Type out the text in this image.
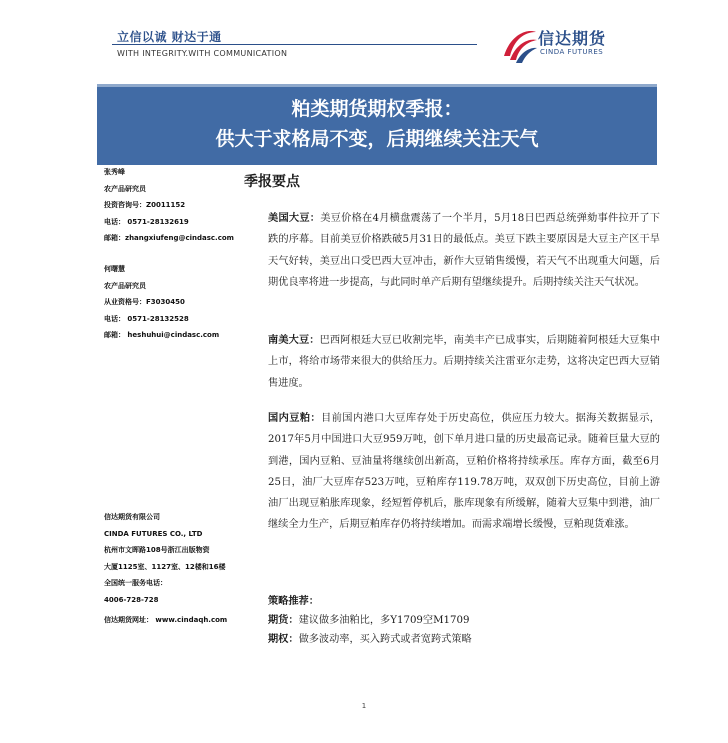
立信以诚 财达于通
WITH INTEGRITY.WITH COMMUNICATION
信达期货
CINDA FUTURES
粕类期货期权季报：
供大于求格局不变，后期继续关注天气
张秀峰
农产品研究员
投资咨询号：Z0011152
电话： 0571-28132619
邮箱：zhangxiufeng@cindasc.com
何曙慧
农产品研究员
从业资格号：F3030450
电话： 0571-28132528
邮箱： heshuhui@cindasc.com
信达期货有限公司
CINDA FUTURES CO., LTD
杭州市文晖路108号浙江出版物资
大厦1125室、1127室、12楼和16楼
全国统一服务电话：
4006-728-728
信达期货网址： www.cindaqh.com
季报要点
美国大豆：美豆价格在4月横盘震荡了一个半月，5月18日巴西总统弹劾事件拉开了下跌的序幕。目前美豆价格跌破5月31日的最低点。美豆下跌主要原因是大豆主产区干旱天气好转，美豆出口受巴西大豆冲击，新作大豆销售缓慢，若天气不出现重大问题，后期优良率将进一步提高，与此同时单产后期有望继续提升。后期持续关注天气状况。
南美大豆：巴西阿根廷大豆已收割完毕，南美丰产已成事实，后期随着阿根廷大豆集中上市，将给市场带来很大的供给压力。后期持续关注雷亚尔走势，这将决定巴西大豆销售进度。
国内豆粕：目前国内港口大豆库存处于历史高位，供应压力较大。据海关数据显示，2017年5月中国进口大豆959万吨，创下单月进口量的历史最高记录。随着巨量大豆的到港，国内豆粕、豆油量将继续创出新高，豆粕价格将持续承压。库存方面，截至6月25日，油厂大豆库存523万吨，豆粕库存119.78万吨，双双创下历史高位，目前上游油厂出现豆粕胀库现象，经短暂停机后，胀库现象有所缓解，随着大豆集中到港，油厂继续全力生产，后期豆粕库存仍将持续增加。而需求端增长缓慢，豆粕现货难涨。
策略推荐：
期货：建议做多油粕比，多Y1709空M1709
期权：做多波动率，买入跨式或者宽跨式策略
1
